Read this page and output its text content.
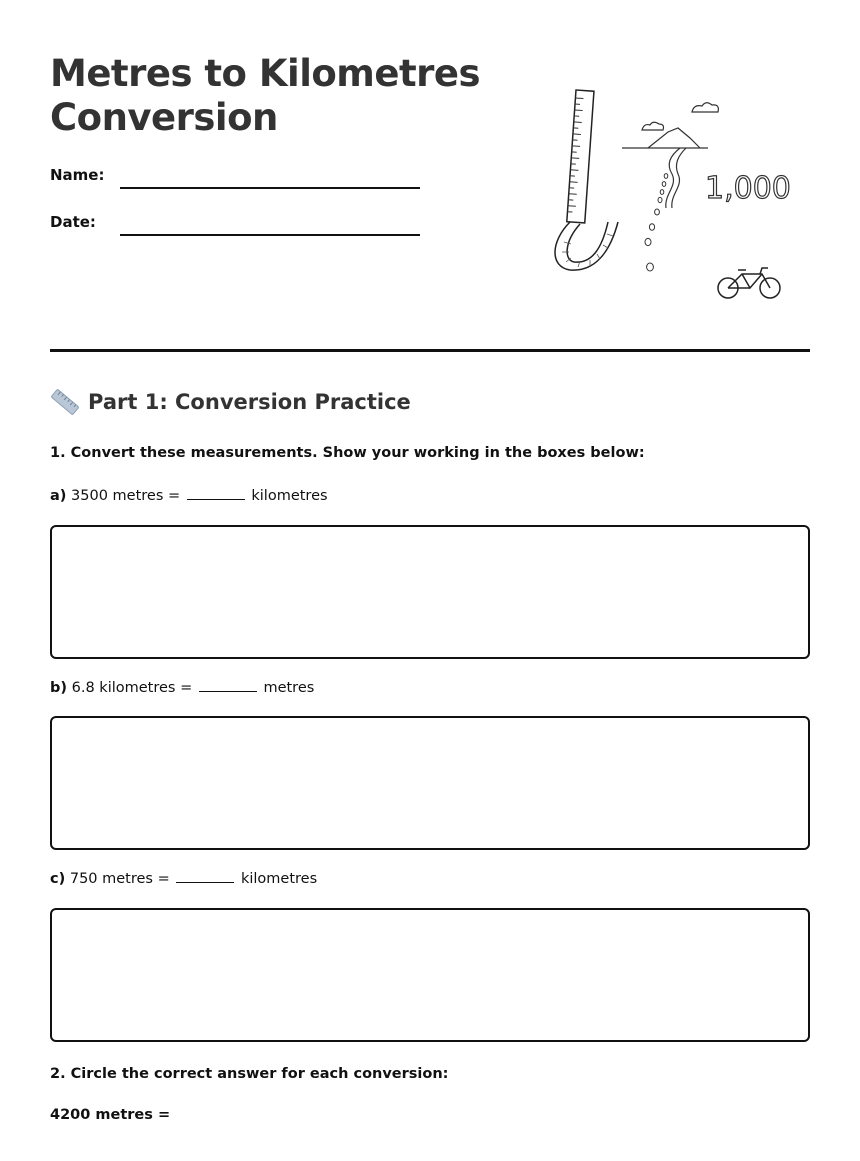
Metres to Kilometres
Conversion
Name:
Date:
1,000
Part 1: Conversion Practice
1. Convert these measurements. Show your working in the boxes below:
a) 3500 metres =	kilometres
b) 6.8 kilometres =	metres
c) 750 metres =	kilometres
2. Circle the correct answer for each conversion:
4200 metres =
